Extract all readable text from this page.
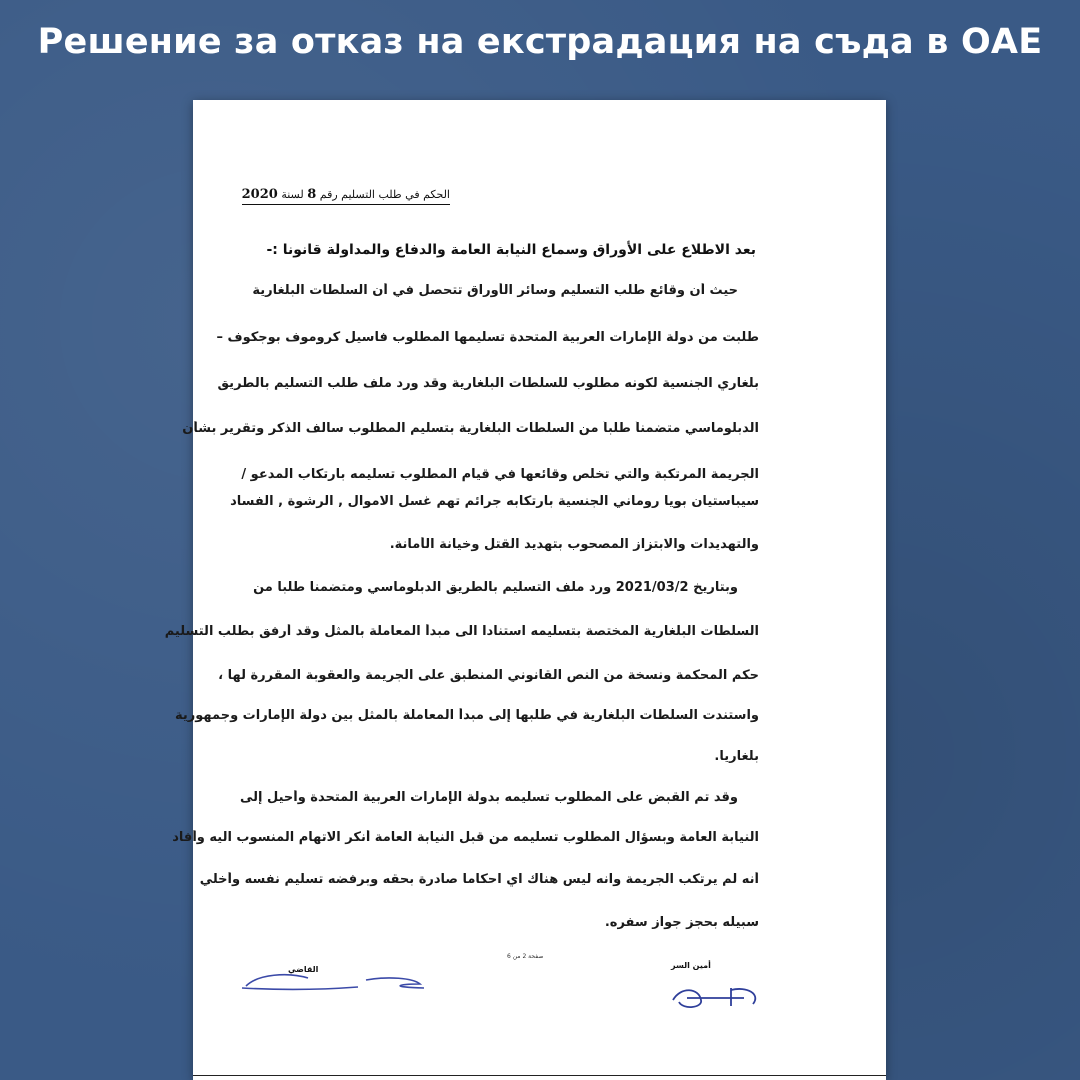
Решение за отказ на екстрадация на съда в ОАЕ
الحكم في طلب التسليم رقم 8 لسنة 2020
بعد الاطلاع على الأوراق وسماع النيابة العامة والدفاع والمداولة قانونا :-
حيث أن وقائع طلب التسليم وسائر الأوراق تتحصل في أن السلطات البلغارية
طلبت من دولة الإمارات العربية المتحدة تسليمها المطلوب فاسيل كروموف بوجكوف –
بلغاري الجنسية لكونه مطلوب للسلطات البلغارية وقد ورد ملف طلب التسليم بالطريق
الدبلوماسي متضمناً طلباً من السلطات البلغارية بتسليم المطلوب سالف الذكر وتقرير بشأن
الجريمة المرتكبة والتي تخلص وقائعها في قيام المطلوب تسليمه بارتكاب المدعو /
سيباستيان بويا روماني الجنسية بارتكابه جرائم تهم غسل الاموال , الرشوة , الفساد
والتهديدات والابتزاز المصحوب بتهديد القتل وخيانة الأمانة.
وبتاريخ 2021/03/2 ورد ملف التسليم بالطريق الدبلوماسي ومتضمنا طلبا من
السلطات البلغارية المختصة بتسليمه استنادا الى مبدأ المعاملة بالمثل وقد أرفق بطلب التسليم
حكم المحكمة ونسخة من النص القانوني المنطبق على الجريمة والعقوبة المقررة لها ،
واستندت السلطات البلغارية في طلبها إلى مبدأ المعاملة بالمثل بين دولة الإمارات وجمهورية
بلغاريا.
وقد تم القبض على المطلوب تسليمه بدولة الإمارات العربية المتحدة وأحيل إلى
النيابة العامة وبسؤال المطلوب تسليمه من قبل النيابة العامة أنكر الاتهام المنسوب اليه وأفاد
أنه لم يرتكب الجريمة وانه ليس هناك اي احكاما صادرة بحقه وبرفضه تسليم نفسه وأخلي
سبيله بحجز جواز سفره.
صفحة 2 من 6
القاضي	أمين السر
